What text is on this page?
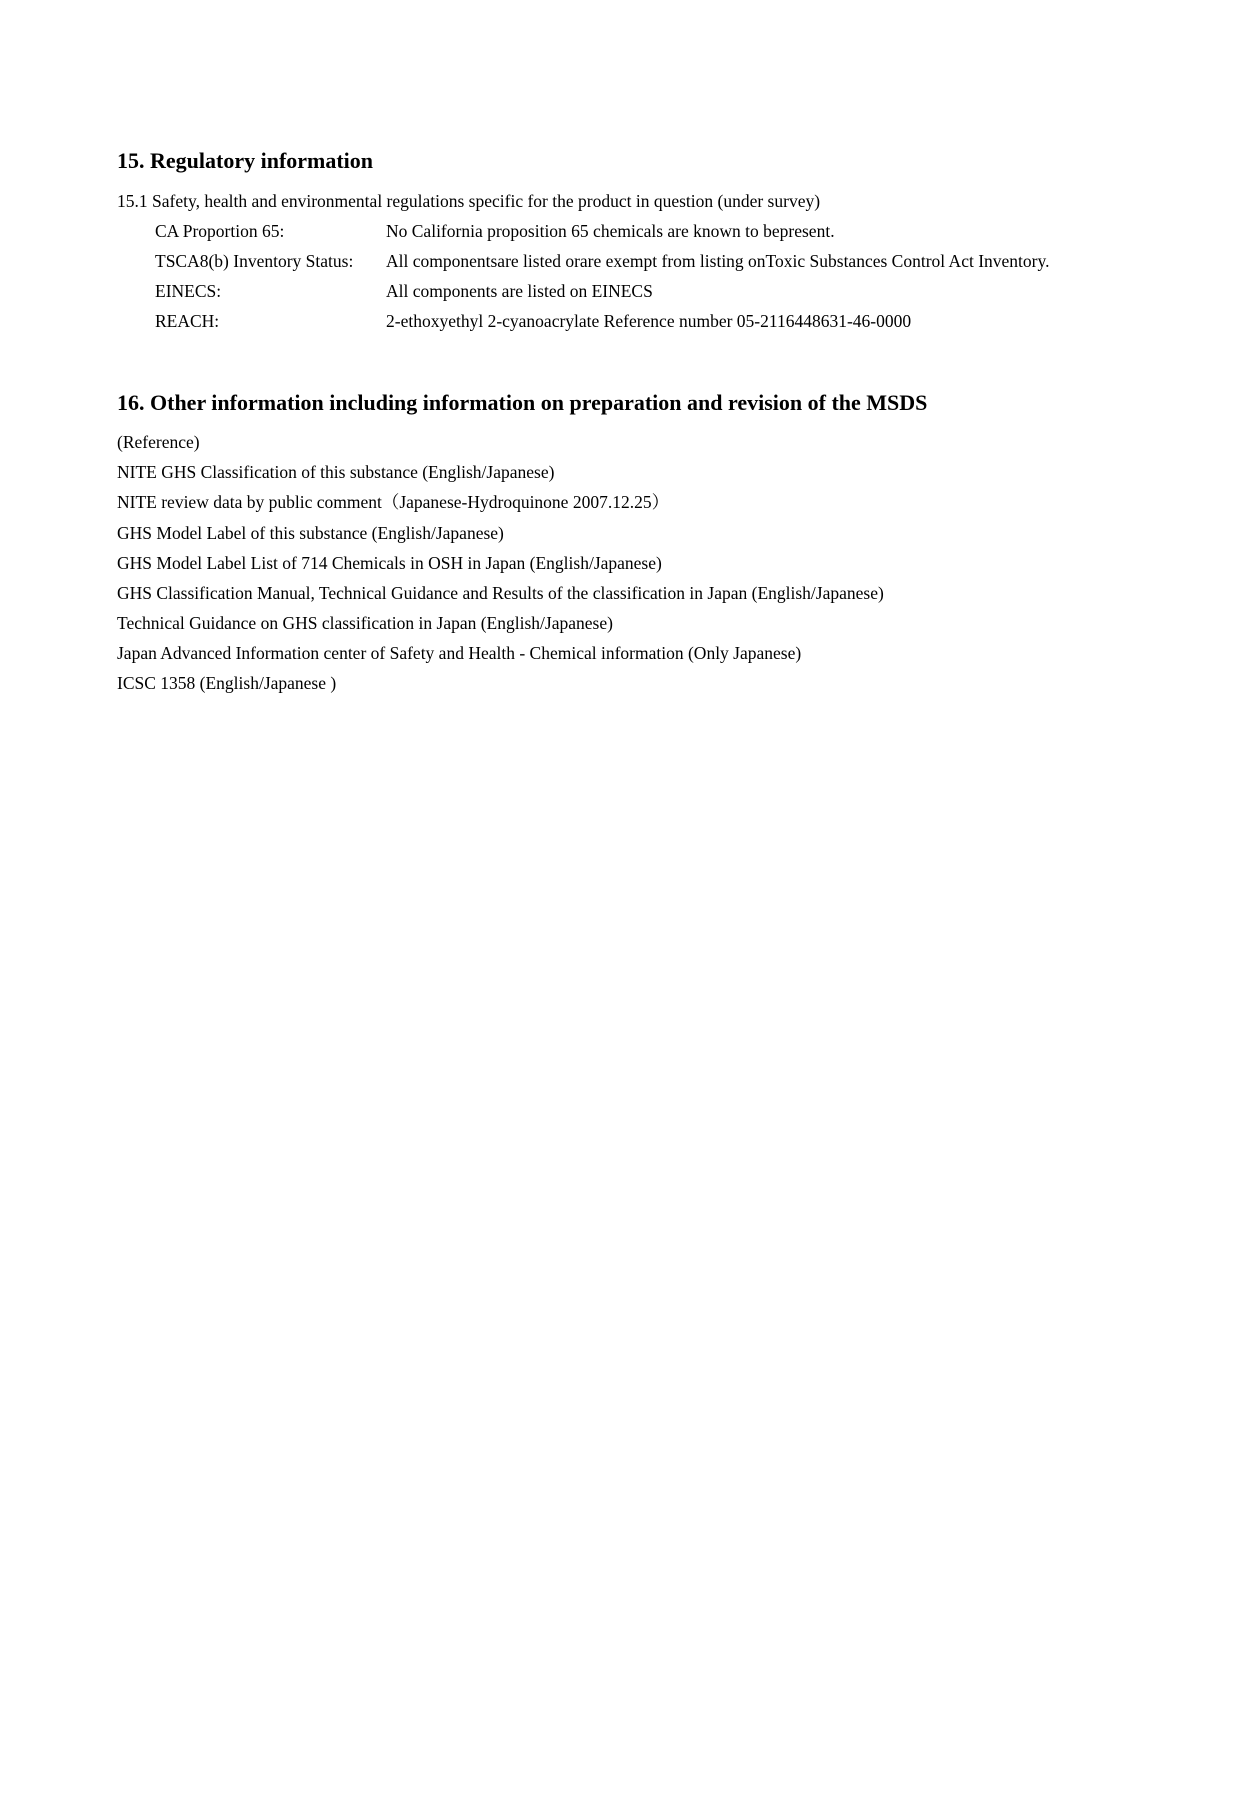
15. Regulatory information
15.1 Safety, health and environmental regulations specific for the product in question (under survey)
CA Proportion 65:	No California proposition 65 chemicals are known to bepresent.
TSCA8(b) Inventory Status: All componentsare listed orare exempt from listing onToxic Substances Control Act Inventory.
EINECS:	All components are listed on EINECS
REACH:	2-ethoxyethyl 2-cyanoacrylate Reference number 05-2116448631-46-0000
16. Other information including information on preparation and revision of the MSDS
(Reference)
NITE GHS Classification of this substance (English/Japanese)
NITE review data by public comment（Japanese-Hydroquinone 2007.12.25）
GHS Model Label of this substance (English/Japanese)
GHS Model Label List of 714 Chemicals in OSH in Japan (English/Japanese)
GHS Classification Manual, Technical Guidance and Results of the classification in Japan (English/Japanese)
Technical Guidance on GHS classification in Japan (English/Japanese)
Japan Advanced Information center of Safety and Health - Chemical information (Only Japanese)
ICSC 1358 (English/Japanese )
